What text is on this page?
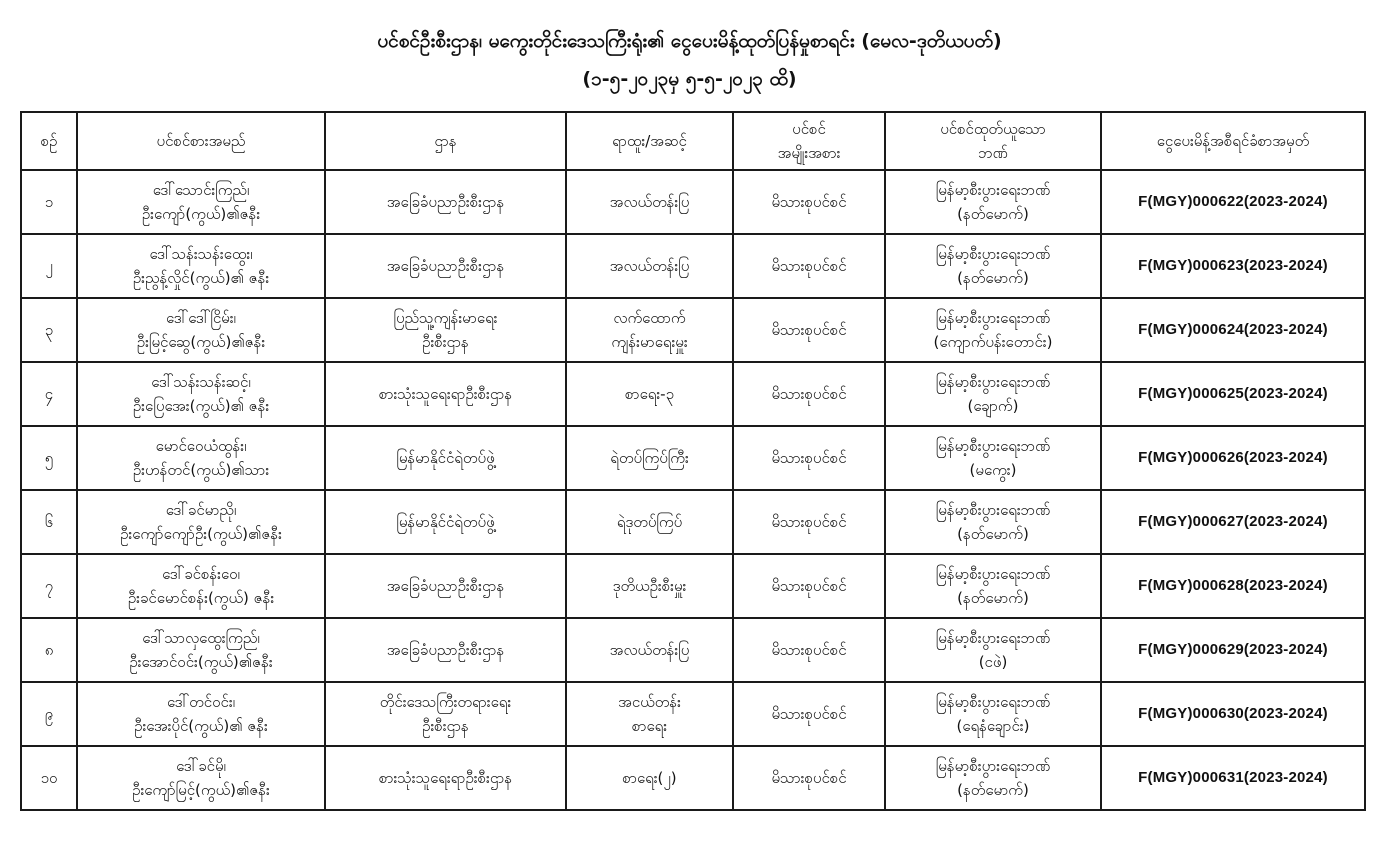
ပင်စင်ဦးစီးဌာန၊ မကွေးတိုင်းဒေသကြီးရုံး၏ ငွေပေးမိန့်ထုတ်ပြန်မှုစာရင်း (မေလ-ဒုတိယပတ်)
(၁-၅-၂၀၂၃မှ ၅-၅-၂၀၂၃ ထိ)
စဉ်	ပင်စင်စားအမည်	ဌာန	ရာထူး/အဆင့်	ပင်စင်
အမျိုးအစား	ပင်စင်ထုတ်ယူသော
ဘဏ်	ငွေပေးမိန့်အစီရင်ခံစာအမှတ်

၁	ဒေါ်သောင်းကြည်၊
ဦးကျော်(ကွယ်)၏ဇနီး	အခြေခံပညာဦးစီးဌာန	အလယ်တန်းပြ	မိသားစုပင်စင်	မြန်မာ့စီးပွားရေးဘဏ်
(နတ်မောက်)	F(MGY)000622(2023-2024)
၂	ဒေါ်သန်းသန်းထွေး၊
ဦးညွန့်လှိုင်(ကွယ်)၏ ဇနီး	အခြေခံပညာဦးစီးဌာန	အလယ်တန်းပြ	မိသားစုပင်စင်	မြန်မာ့စီးပွားရေးဘဏ်
(နတ်မောက်)	F(MGY)000623(2023-2024)
၃	ဒေါ်ဒေါ်ငြိမ်း၊
ဦးမြင့်ဆွေ(ကွယ်)၏ဇနီး	ပြည်သူ့ကျန်းမာရေး
ဦးစီးဌာန	လက်ထောက်
ကျန်းမာရေးမှူး	မိသားစုပင်စင်	မြန်မာ့စီးပွားရေးဘဏ်
(ကျောက်ပန်းတောင်း)	F(MGY)000624(2023-2024)
၄	ဒေါ်သန်းသန်းဆင့်၊
ဦးပြေအေး(ကွယ်)၏ ဇနီး	စားသုံးသူရေးရာဦးစီးဌာန	စာရေး-၃	မိသားစုပင်စင်	မြန်မာ့စီးပွားရေးဘဏ်
(ချောက်)	F(MGY)000625(2023-2024)
၅	မောင်ဝေယံထွန်း၊
ဦးဟန်တင်(ကွယ်)၏သား	မြန်မာနိုင်ငံရဲတပ်ဖွဲ့	ရဲတပ်ကြပ်ကြီး	မိသားစုပင်စင်	မြန်မာ့စီးပွားရေးဘဏ်
(မကွေး)	F(MGY)000626(2023-2024)
၆	ဒေါ်ခင်မာညို၊
ဦးကျော်ကျော်ဦး(ကွယ်)၏ဇနီး	မြန်မာနိုင်ငံရဲတပ်ဖွဲ့	ရဲဒုတပ်ကြပ်	မိသားစုပင်စင်	မြန်မာ့စီးပွားရေးဘဏ်
(နတ်မောက်)	F(MGY)000627(2023-2024)
၇	ဒေါ်ခင်စန်းဝေ၊
ဦးခင်မောင်စန်း(ကွယ်) ဇနီး	အခြေခံပညာဦးစီးဌာန	ဒုတိယဦးစီးမှူး	မိသားစုပင်စင်	မြန်မာ့စီးပွားရေးဘဏ်
(နတ်မောက်)	F(MGY)000628(2023-2024)
၈	ဒေါ်သာလှထွေးကြည်၊
ဦးအောင်ဝင်း(ကွယ်)၏ဇနီး	အခြေခံပညာဦးစီးဌာန	အလယ်တန်းပြ	မိသားစုပင်စင်	မြန်မာ့စီးပွားရေးဘဏ်
(ငဖဲ)	F(MGY)000629(2023-2024)
၉	ဒေါ်တင်ဝင်း၊
ဦးအေးပိုင်(ကွယ်)၏ ဇနီး	တိုင်းဒေသကြီးတရားရေး
ဦးစီးဌာန	အငယ်တန်း
စာရေး	မိသားစုပင်စင်	မြန်မာ့စီးပွားရေးဘဏ်
(ရေနံချောင်း)	F(MGY)000630(2023-2024)
၁၀	ဒေါ်ခင်မို၊
ဦးကျော်မြင့်(ကွယ်)၏ဇနီး	စားသုံးသူရေးရာဦးစီးဌာန	စာရေး(၂)	မိသားစုပင်စင်	မြန်မာ့စီးပွားရေးဘဏ်
(နတ်မောက်)	F(MGY)000631(2023-2024)
